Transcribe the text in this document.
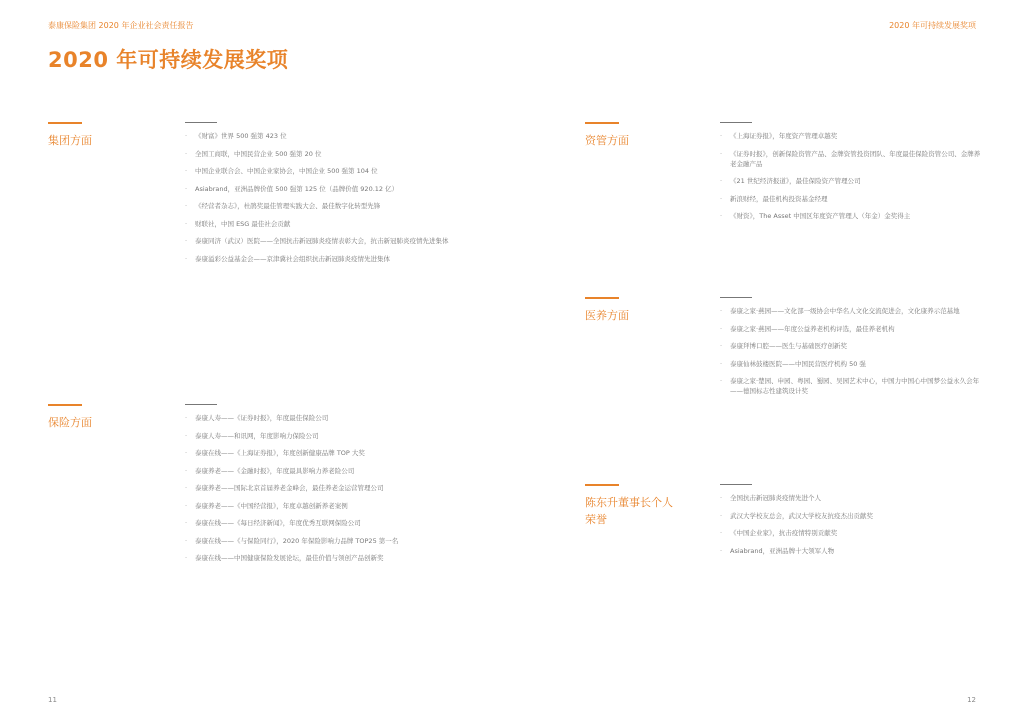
泰康保险集团 2020 年企业社会责任报告	2020 年可持续发展奖项
2020 年可持续发展奖项
集团方面	· 《财富》世界 500 强第 423 位
· 全国工商联，中国民营企业 500 强第 20 位
· 中国企业联合会、中国企业家协会，中国企业 500 强第 104 位
· Asiabrand，亚洲品牌价值 500 强第 125 位（品牌价值 920.12 亿）
· 《经营者杂志》，杜鹃奖最佳管理实践大会、最佳数字化转型先锋
· 财联社，中国 ESG 最佳社会贡献
· 泰康同济（武汉）医院——全国抗击新冠肺炎疫情表彰大会，抗击新冠肺炎疫情先进集体
· 泰康溢彩公益基金会——京津冀社会组织抗击新冠肺炎疫情先进集体
保险方面	· 泰康人寿——《证券时报》，年度最佳保险公司
· 泰康人寿——和讯网，年度影响力保险公司
· 泰康在线——《上海证券报》，年度创新健康品牌 TOP 大奖
· 泰康养老——《金融时报》，年度最具影响力养老险公司
· 泰康养老——国际北京首届养老金峰会，最佳养老金运营管理公司
· 泰康养老——《中国经营报》，年度卓越创新养老案例
· 泰康在线——《每日经济新闻》，年度优秀互联网保险公司
· 泰康在线——《与保险同行》，2020 年保险影响力品牌 TOP25 第一名
· 泰康在线——中国健康保险发展论坛，最佳价值与领创产品创新奖
资管方面	· 《上海证券报》，年度资产管理卓越奖
· 《证券时报》，创新保险资管产品、金牌资管投资团队、年度最佳保险资管公司、金牌养老金融产品
· 《21 世纪经济报道》，最佳保险资产管理公司
· 新浪财经，最佳机构投资基金经理
· 《财资》，The Asset 中国区年度资产管理人（年金）金奖得主
医养方面	· 泰康之家·燕园——文化部一级协会中华名人文化交流促进会，文化康养示范基地
· 泰康之家·燕园——年度公益养老机构评选，最佳养老机构
· 泰康拜博口腔——医生与基础医疗创新奖
· 泰康仙林鼓楼医院——中国民营医疗机构 50 强
· 泰康之家·楚园、申园、粤园、蜀园、吴园艺术中心，中国力中国心中国梦公益永久会年——德国标志性建筑设计奖
陈东升董事长个人荣誉
· 全国抗击新冠肺炎疫情先进个人
· 武汉大学校友总会，武汉大学校友抗疫杰出贡献奖
· 《中国企业家》，抗击疫情特别贡献奖
· Asiabrand，亚洲品牌十大领军人物
11	12
